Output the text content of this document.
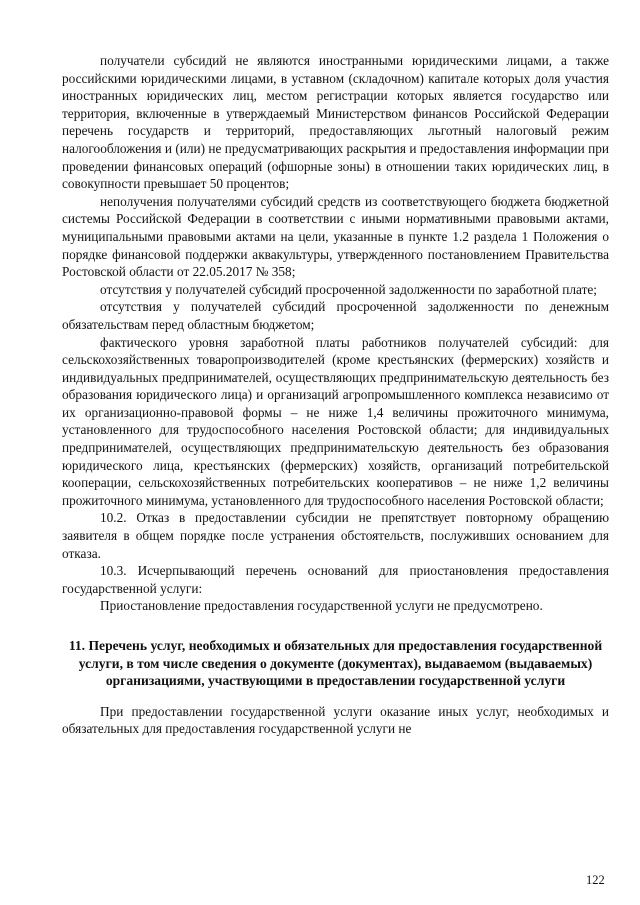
получатели субсидий не являются иностранными юридическими лицами, а также российскими юридическими лицами, в уставном (складочном) капитале которых доля участия иностранных юридических лиц, местом регистрации которых является государство или территория, включенные в утверждаемый Министерством финансов Российской Федерации перечень государств и территорий, предоставляющих льготный налоговый режим налогообложения и (или) не предусматривающих раскрытия и предоставления информации при проведении финансовых операций (офшорные зоны) в отношении таких юридических лиц, в совокупности превышает 50 процентов;

неполучения получателями субсидий средств из соответствующего бюджета бюджетной системы Российской Федерации в соответствии с иными нормативными правовыми актами, муниципальными правовыми актами на цели, указанные в пункте 1.2 раздела 1 Положения о порядке финансовой поддержки аквакультуры, утвержденного постановлением Правительства Ростовской области от 22.05.2017 № 358;

отсутствия у получателей субсидий просроченной задолженности по заработной плате;

отсутствия у получателей субсидий просроченной задолженности по денежным обязательствам перед областным бюджетом;

фактического уровня заработной платы работников получателей субсидий: для сельскохозяйственных товаропроизводителей (кроме крестьянских (фермерских) хозяйств и индивидуальных предпринимателей, осуществляющих предпринимательскую деятельность без образования юридического лица) и организаций агропромышленного комплекса независимо от их организационно-правовой формы – не ниже 1,4 величины прожиточного минимума, установленного для трудоспособного населения Ростовской области; для индивидуальных предпринимателей, осуществляющих предпринимательскую деятельность без образования юридического лица, крестьянских (фермерских) хозяйств, организаций потребительской кооперации, сельскохозяйственных потребительских кооперативов – не ниже 1,2 величины прожиточного минимума, установленного для трудоспособного населения Ростовской области;

10.2. Отказ в предоставлении субсидии не препятствует повторному обращению заявителя в общем порядке после устранения обстоятельств, послуживших основанием для отказа.

10.3. Исчерпывающий перечень оснований для приостановления предоставления государственной услуги:

Приостановление предоставления государственной услуги не предусмотрено.

11. Перечень услуг, необходимых и обязательных для предоставления государственной услуги, в том числе сведения о документе (документах), выдаваемом (выдаваемых) организациями, участвующими в предоставлении государственной услуги

При предоставлении государственной услуги оказание иных услуг, необходимых и обязательных для предоставления государственной услуги не

122
